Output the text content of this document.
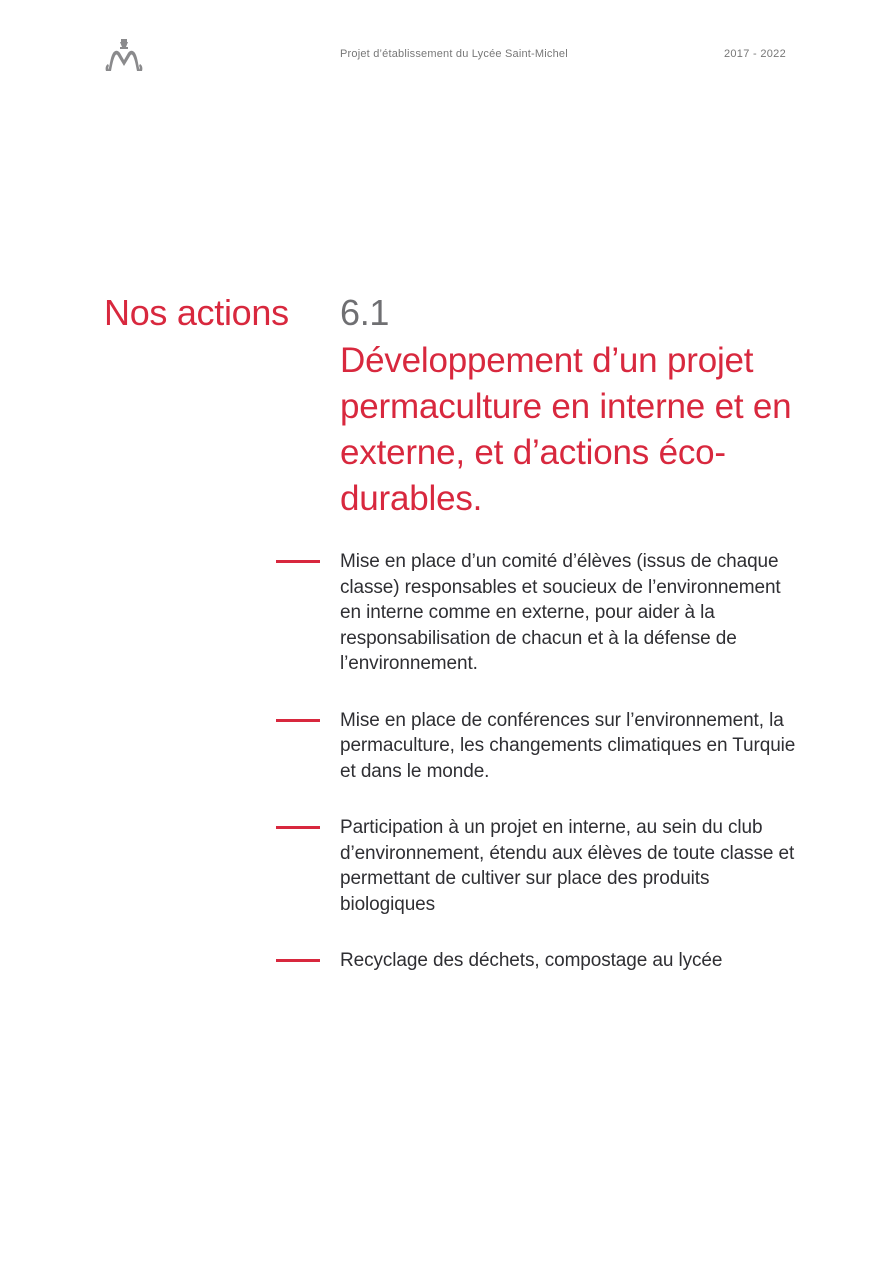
Projet d’établissement du Lycée Saint-Michel	2017 - 2022
Nos actions 6.1
Développement d’un projet permaculture en interne et en externe, et d’actions éco-durables.
Mise en place d’un comité d’élèves (issus de chaque classe) responsables et soucieux de l’environnement en interne comme en externe, pour aider à la responsabilisation de chacun et à la défense de l’environnement.
Mise en place de conférences sur l’environnement, la permaculture, les changements climatiques en Turquie et dans le monde.
Participation à un projet en interne, au sein du club d’environnement, étendu aux élèves de toute classe et permettant de cultiver sur place des produits biologiques
Recyclage des déchets, compostage au lycée
